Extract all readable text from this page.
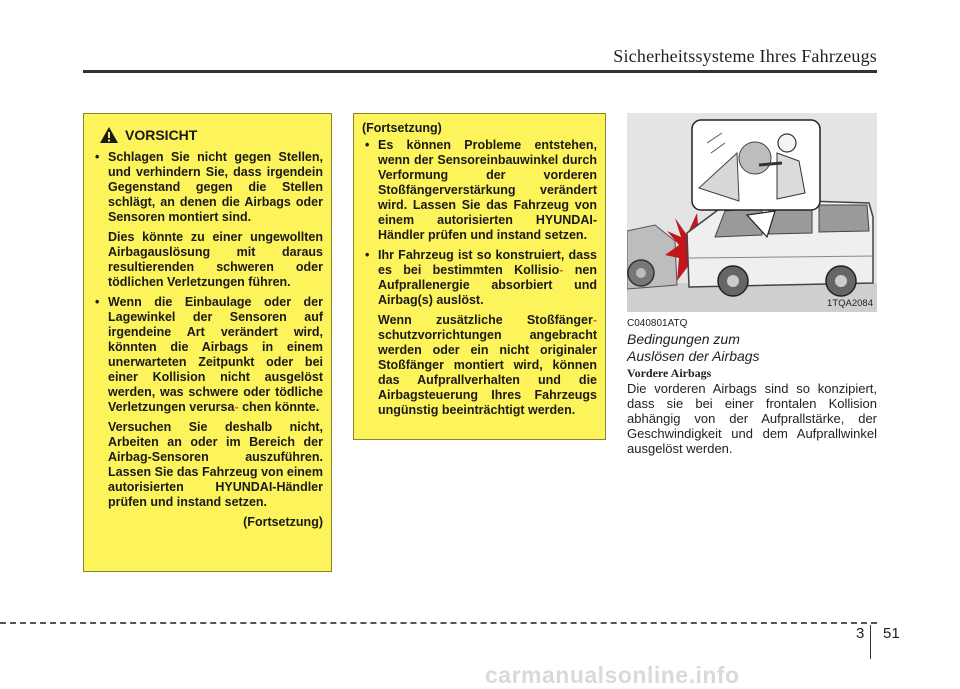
Sicherheitssysteme Ihres Fahrzeugs
VORSICHT
• Schlagen Sie nicht gegen Stellen, und verhindern Sie, dass irgendein Gegenstand gegen die Stellen schlägt, an denen die Airbags oder Sensoren montiert sind.
Dies könnte zu einer ungewollten Airbagauslösung mit daraus resultierenden schweren oder tödlichen Verletzungen führen.
• Wenn die Einbaulage oder der Lagewinkel der Sensoren auf irgendeine Art verändert wird, könnten die Airbags in einem unerwarteten Zeitpunkt oder bei einer Kollision nicht ausgelöst werden, was schwere oder tödliche Verletzungen verursa- chen könnte.
Versuchen Sie deshalb nicht, Arbeiten an oder im Bereich der Airbag-Sensoren auszuführen. Lassen Sie das Fahrzeug von einem autorisierten HYUNDAI-Händler prüfen und instand setzen.
(Fortsetzung)
(Fortsetzung)
• Es können Probleme entstehen, wenn der Sensoreinbauwinkel durch Verformung der vorderen Stoßfängerverstärkung verändert wird. Lassen Sie das Fahrzeug von einem autorisierten HYUNDAI-Händler prüfen und instand setzen.
• Ihr Fahrzeug ist so konstruiert, dass es bei bestimmten Kollisio- nen Aufprallenergie absorbiert und Airbag(s) auslöst.
Wenn zusätzliche Stoßfänger- schutzvorrichtungen angebracht werden oder ein nicht originaler Stoßfänger montiert wird, können das Aufprallverhalten und die Airbagsteuerung Ihres Fahrzeugs ungünstig beeinträchtigt werden.
1TQA2084
C040801ATQ
Bedingungen zum
Auslösen der Airbags
Vordere Airbags
Die vorderen Airbags sind so konzipiert, dass sie bei einer frontalen Kollision abhängig von der Aufprallstärke, der Geschwindigkeit und dem Aufprallwinkel ausgelöst werden.
3 51
carmanualsonline.info
